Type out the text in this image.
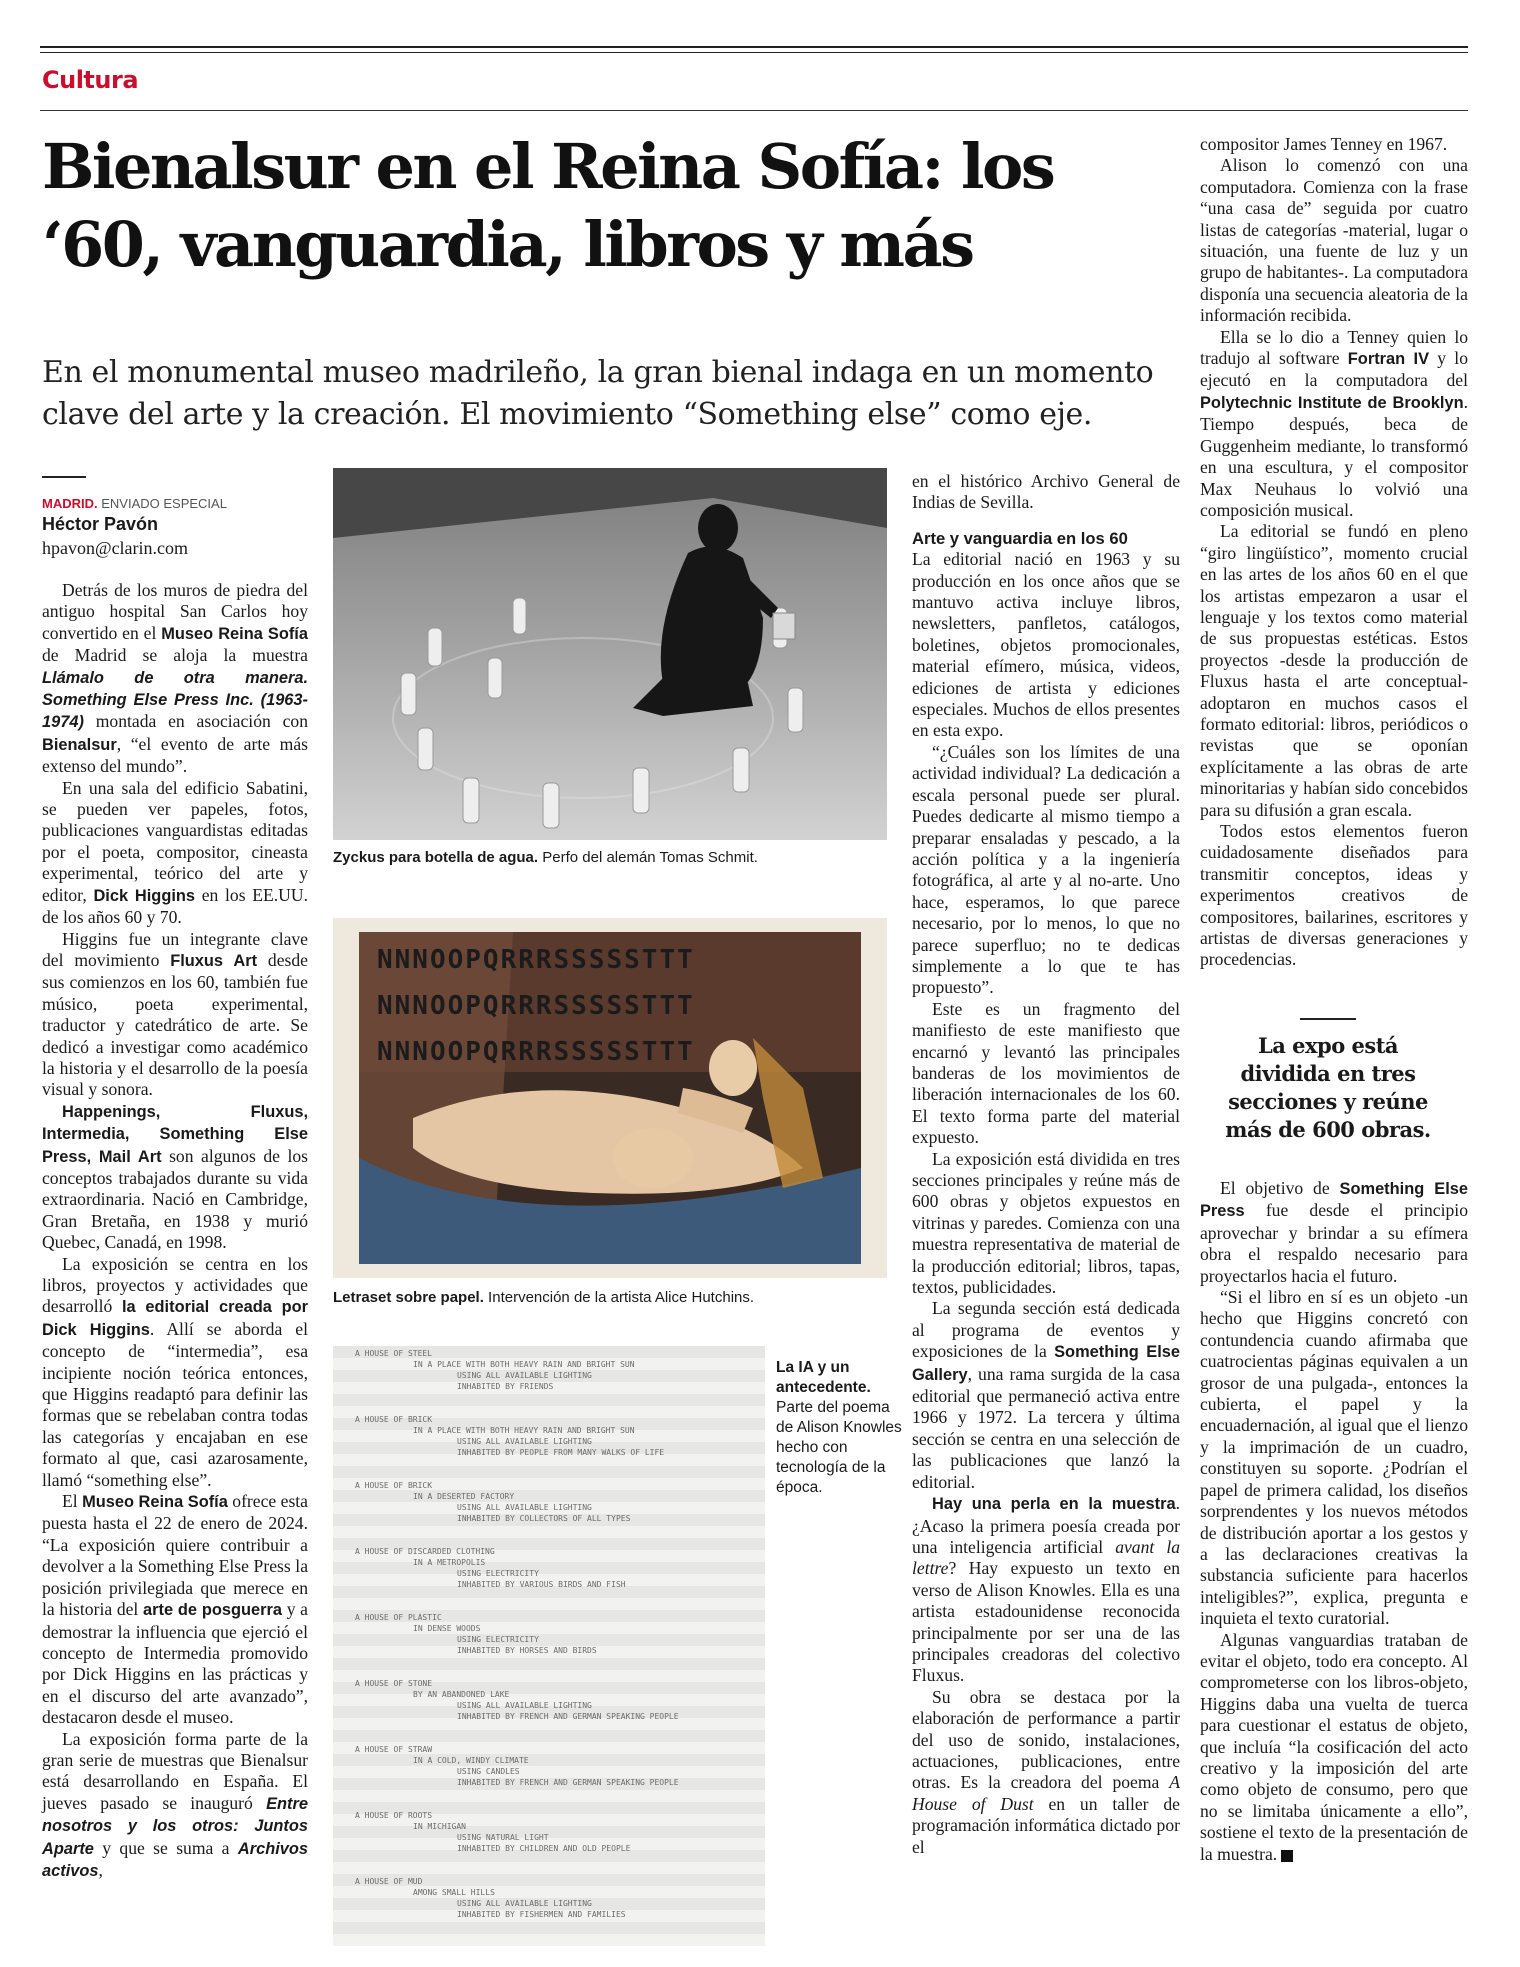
Cultura
Bienalsur en el Reina Sofía: los ‘60, vanguardia, libros y más
En el monumental museo madrileño, la gran bienal indaga en un momento clave del arte y la creación. El movimiento “Something else” como eje.
MADRID. ENVIADO ESPECIAL
Héctor Pavón
hpavon@clarin.com

Detrás de los muros de piedra del antiguo hospital San Carlos hoy convertido en el Museo Reina Sofía de Madrid se aloja la muestra Llámalo de otra manera. Something Else Press Inc. (1963-1974) montada en asociación con Bienalsur, “el evento de arte más extenso del mundo”.

En una sala del edificio Sabatini, se pueden ver papeles, fotos, publicaciones vanguardistas editadas por el poeta, compositor, cineasta experimental, teórico del arte y editor, Dick Higgins en los EE.UU. de los años 60 y 70.

Higgins fue un integrante clave del movimiento Fluxus Art desde sus comienzos en los 60, también fue músico, poeta experimental, traductor y catedrático de arte. Se dedicó a investigar como académico la historia y el desarrollo de la poesía visual y sonora.

Happenings, Fluxus, Intermedia, Something Else Press, Mail Art son algunos de los conceptos trabajados durante su vida extraordinaria. Nació en Cambridge, Gran Bretaña, en 1938 y murió Quebec, Canadá, en 1998.

La exposición se centra en los libros, proyectos y actividades que desarrolló la editorial creada por Dick Higgins. Allí se aborda el concepto de “intermedia”, esa incipiente noción teórica entonces, que Higgins readaptó para definir las formas que se rebelaban contra todas las categorías y encajaban en ese formato al que, casi azarosamente, llamó “something else”.

El Museo Reina Sofía ofrece esta puesta hasta el 22 de enero de 2024. “La exposición quiere contribuir a devolver a la Something Else Press la posición privilegiada que merece en la historia del arte de posguerra y a demostrar la influencia que ejerció el concepto de Intermedia promovido por Dick Higgins en las prácticas y en el discurso del arte avanzado”, destacaron desde el museo.

La exposición forma parte de la gran serie de muestras que Bienalsur está desarrollando en España. El jueves pasado se inauguró Entre nosotros y los otros: Juntos Aparte y que se suma a Archivos activos,

Zyckus para botella de agua. Perfo del alemán Tomas Schmit.
NNNOOPQRRRSSSSSTTT
NNNOOPQRRRSSSSSTTT
NNNOOPQRRRSSSSSTTT
Letraset sobre papel. Intervención de la artista Alice Hutchins.
A HOUSE OF STEEL
IN A PLACE WITH BOTH HEAVY RAIN AND BRIGHT SUN
USING ALL AVAILABLE LIGHTING
INHABITED BY FRIENDS
A HOUSE OF BRICK
IN A PLACE WITH BOTH HEAVY RAIN AND BRIGHT SUN
USING ALL AVAILABLE LIGHTING
INHABITED BY PEOPLE FROM MANY WALKS OF LIFE
A HOUSE OF BRICK
IN A DESERTED FACTORY
USING ALL AVAILABLE LIGHTING
INHABITED BY COLLECTORS OF ALL TYPES
A HOUSE OF DISCARDED CLOTHING
IN A METROPOLIS
USING ELECTRICITY
INHABITED BY VARIOUS BIRDS AND FISH
A HOUSE OF PLASTIC
IN DENSE WOODS
USING ELECTRICITY
INHABITED BY HORSES AND BIRDS
A HOUSE OF STONE
BY AN ABANDONED LAKE
USING ALL AVAILABLE LIGHTING
INHABITED BY FRENCH AND GERMAN SPEAKING PEOPLE
A HOUSE OF STRAW
IN A COLD, WINDY CLIMATE
USING CANDLES
INHABITED BY FRENCH AND GERMAN SPEAKING PEOPLE
A HOUSE OF ROOTS
IN MICHIGAN
USING NATURAL LIGHT
INHABITED BY CHILDREN AND OLD PEOPLE
A HOUSE OF MUD
AMONG SMALL HILLS
USING ALL AVAILABLE LIGHTING
INHABITED BY FISHERMEN AND FAMILIES
La IA y un antecedente.
Parte del poema de Alison Knowles hecho con tecnología de la época.

en el histórico Archivo General de Indias de Sevilla.

Arte y vanguardia en los 60

La editorial nació en 1963 y su producción en los once años que se mantuvo activa incluye libros, newsletters, panfletos, catálogos, boletines, objetos promocionales, material efímero, música, videos, ediciones de artista y ediciones especiales. Muchos de ellos presentes en esta expo.

“¿Cuáles son los límites de una actividad individual? La dedicación a escala personal puede ser plural. Puedes dedicarte al mismo tiempo a preparar ensaladas y pescado, a la acción política y a la ingeniería fotográfica, al arte y al no-arte. Uno hace, esperamos, lo que parece necesario, por lo menos, lo que no parece superfluo; no te dedicas simplemente a lo que te has propuesto”.

Este es un fragmento del manifiesto de este manifiesto que encarnó y levantó las principales banderas de los movimientos de liberación internacionales de los 60. El texto forma parte del material expuesto.

La exposición está dividida en tres secciones principales y reúne más de 600 obras y objetos expuestos en vitrinas y paredes. Comienza con una muestra representativa de material de la producción editorial; libros, tapas, textos, publicidades.

La segunda sección está dedicada al programa de eventos y exposiciones de la Something Else Gallery, una rama surgida de la casa editorial que permaneció activa entre 1966 y 1972. La tercera y última sección se centra en una selección de las publicaciones que lanzó la editorial.

Hay una perla en la muestra. ¿Acaso la primera poesía creada por una inteligencia artificial avant la lettre? Hay expuesto un texto en verso de Alison Knowles. Ella es una artista estadounidense reconocida principalmente por ser una de las principales creadoras del colectivo Fluxus.

Su obra se destaca por la elaboración de performance a partir del uso de sonido, instalaciones, actuaciones, publicaciones, entre otras. Es la creadora del poema A House of Dust en un taller de programación informática dictado por el

compositor James Tenney en 1967.

Alison lo comenzó con una computadora. Comienza con la frase “una casa de” seguida por cuatro listas de categorías -material, lugar o situación, una fuente de luz y un grupo de habitantes-. La computadora disponía una secuencia aleatoria de la información recibida.

Ella se lo dio a Tenney quien lo tradujo al software Fortran IV y lo ejecutó en la computadora del Polytechnic Institute de Brooklyn. Tiempo después, beca de Guggenheim mediante, lo transformó en una escultura, y el compositor Max Neuhaus lo volvió una composición musical.

La editorial se fundó en pleno “giro lingüístico”, momento crucial en las artes de los años 60 en el que los artistas empezaron a usar el lenguaje y los textos como material de sus propuestas estéticas. Estos proyectos -desde la producción de Fluxus hasta el arte conceptual- adoptaron en muchos casos el formato editorial: libros, periódicos o revistas que se oponían explícitamente a las obras de arte minoritarias y habían sido concebidos para su difusión a gran escala.

Todos estos elementos fueron cuidadosamente diseñados para transmitir conceptos, ideas y experimentos creativos de compositores, bailarines, escritores y artistas de diversas generaciones y procedencias.

La expo está dividida en tres secciones y reúne más de 600 obras.

El objetivo de Something Else Press fue desde el principio aprovechar y brindar a su efímera obra el respaldo necesario para proyectarlos hacia el futuro.

“Si el libro en sí es un objeto -un hecho que Higgins concretó con contundencia cuando afirmaba que cuatrocientas páginas equivalen a un grosor de una pulgada-, entonces la cubierta, el papel y la encuadernación, al igual que el lienzo y la imprimación de un cuadro, constituyen su soporte. ¿Podrían el papel de primera calidad, los diseños sorprendentes y los nuevos métodos de distribución aportar a los gestos y a las declaraciones creativas la substancia suficiente para hacerlos inteligibles?”, explica, pregunta e inquieta el texto curatorial.

Algunas vanguardias trataban de evitar el objeto, todo era concepto. Al comprometerse con los libros-objeto, Higgins daba una vuelta de tuerca para cuestionar el estatus de objeto, que incluía “la cosificación del acto creativo y la imposición del arte como objeto de consumo, pero que no se limitaba únicamente a ello”, sostiene el texto de la presentación de la muestra.
